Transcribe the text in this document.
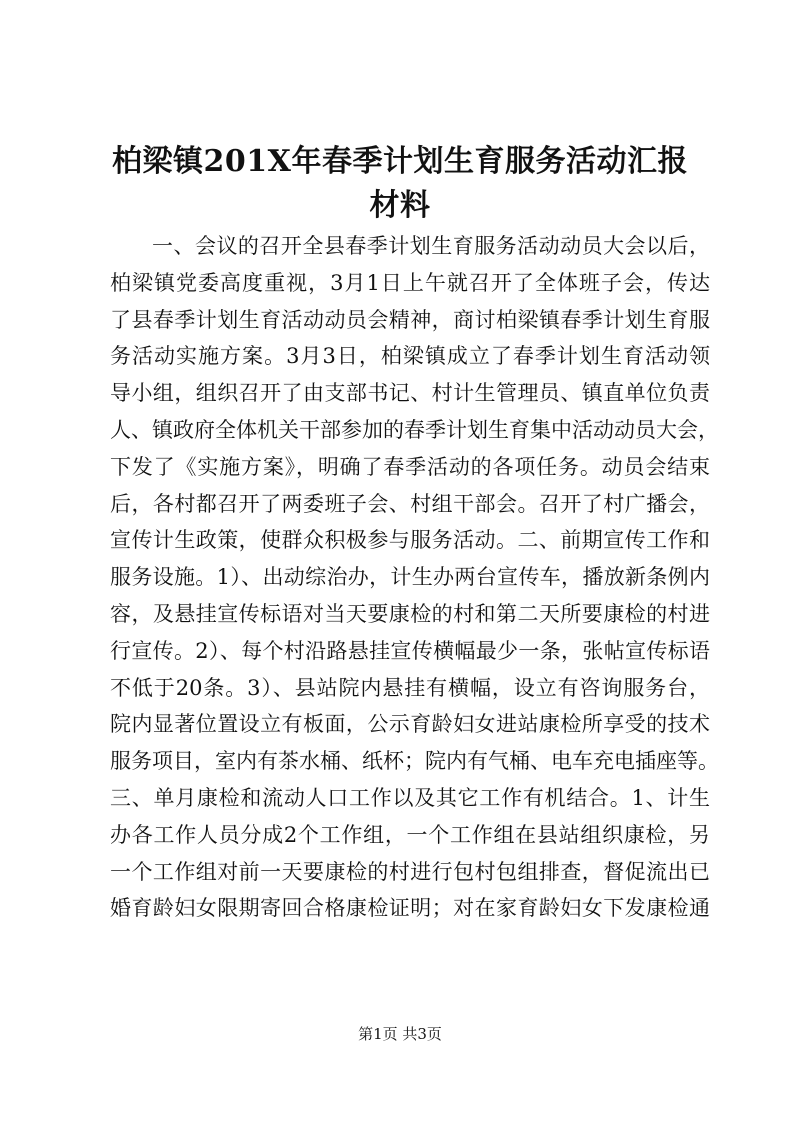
柏梁镇201X年春季计划生育服务活动汇报材料
一、会议的召开全县春季计划生育服务活动动员大会以后，
柏梁镇党委高度重视，3月1日上午就召开了全体班子会，传达
了县春季计划生育活动动员会精神，商讨柏梁镇春季计划生育服
务活动实施方案。3月3日，柏梁镇成立了春季计划生育活动领
导小组，组织召开了由支部书记、村计生管理员、镇直单位负责
人、镇政府全体机关干部参加的春季计划生育集中活动动员大会，
下发了《实施方案》，明确了春季活动的各项任务。动员会结束
后，各村都召开了两委班子会、村组干部会。召开了村广播会，
宣传计生政策，使群众积极参与服务活动。二、前期宣传工作和
服务设施。1）、出动综治办，计生办两台宣传车，播放新条例内
容，及悬挂宣传标语对当天要康检的村和第二天所要康检的村进
行宣传。2）、每个村沿路悬挂宣传横幅最少一条，张帖宣传标语
不低于20条。3）、县站院内悬挂有横幅，设立有咨询服务台，
院内显著位置设立有板面，公示育龄妇女进站康检所享受的技术
服务项目，室内有茶水桶、纸杯；院内有气桶、电车充电插座等。
三、单月康检和流动人口工作以及其它工作有机结合。1、计生
办各工作人员分成2个工作组，一个工作组在县站组织康检，另
一个工作组对前一天要康检的村进行包村包组排查，督促流出已
婚育龄妇女限期寄回合格康检证明；对在家育龄妇女下发康检通
第1页 共3页
